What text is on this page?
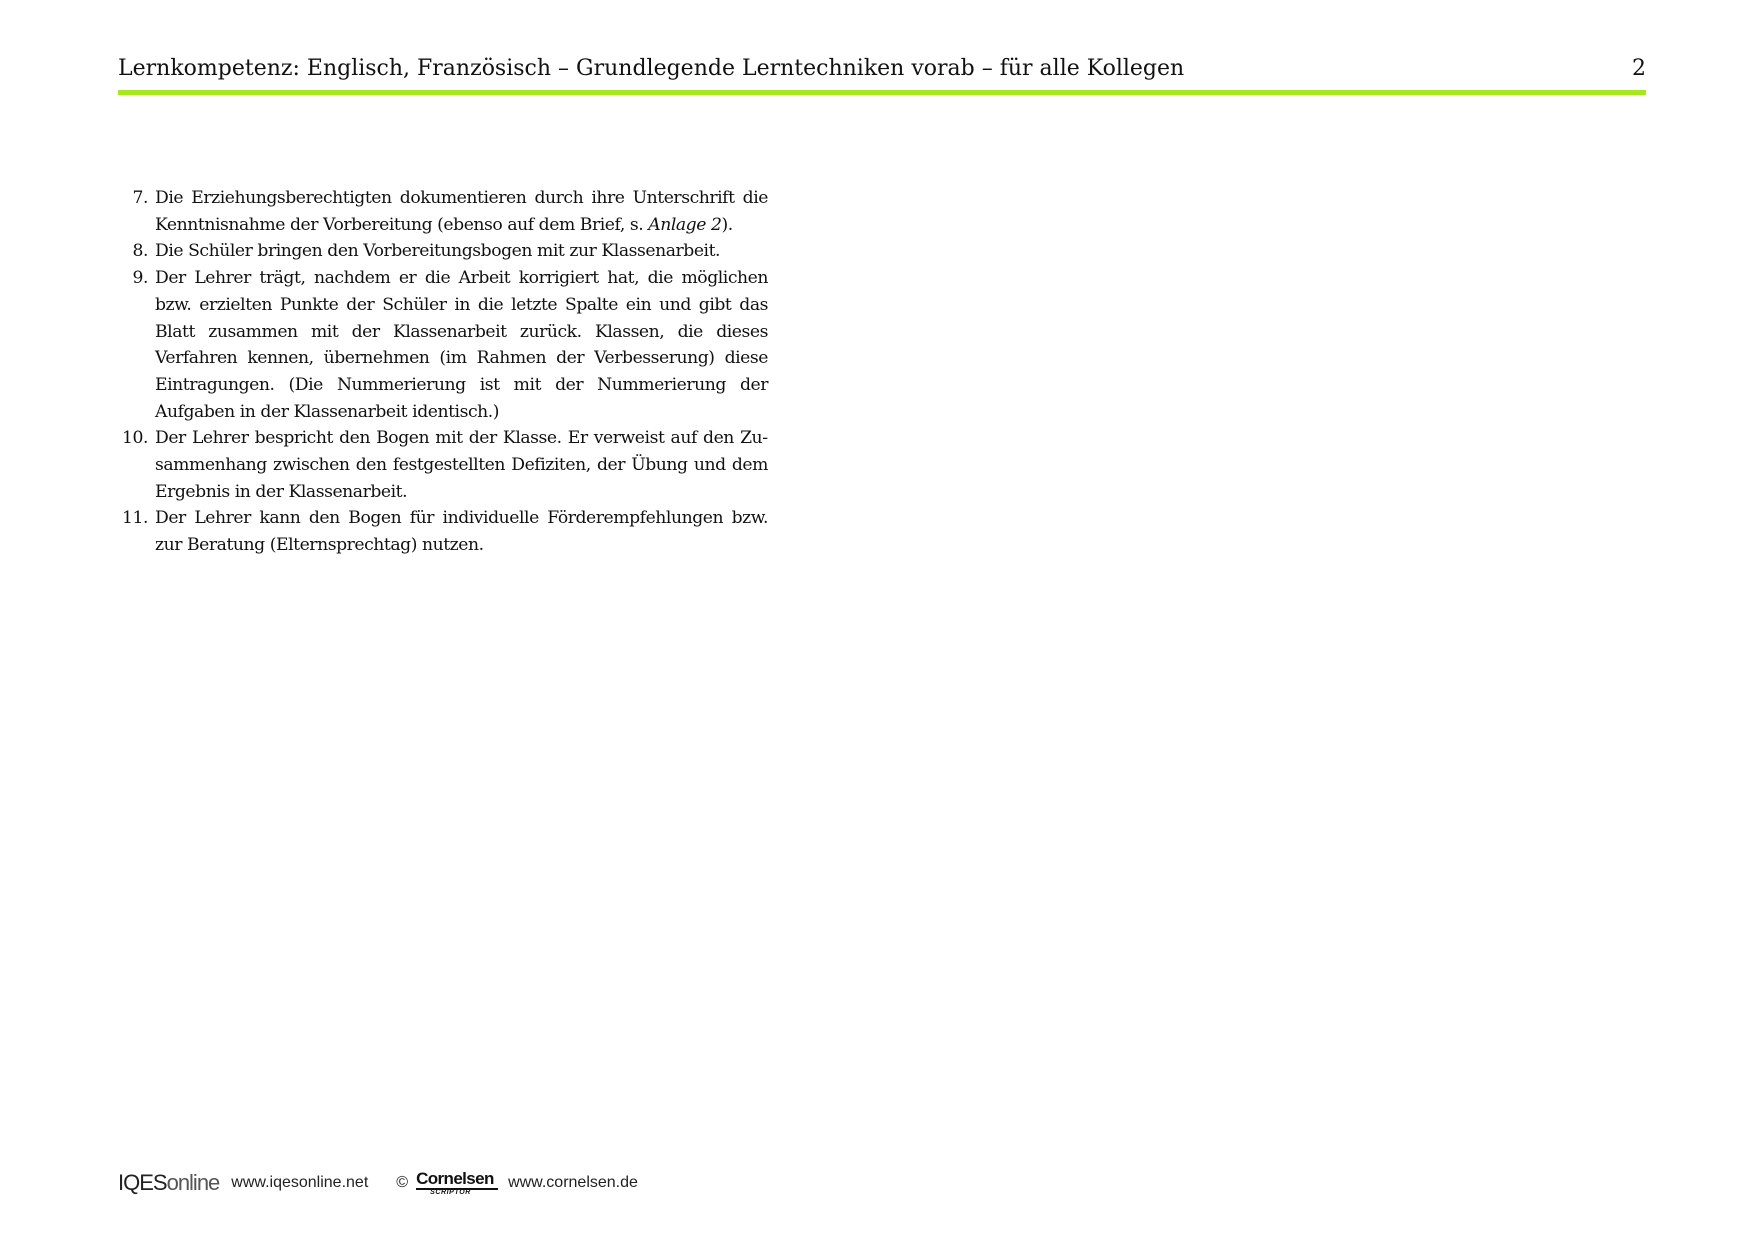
Lernkompetenz: Englisch, Französisch – Grundlegende Lerntechniken vorab – für alle Kollegen	2
7. Die Erziehungsberechtigten dokumentieren durch ihre Unterschrift die Kenntnisnahme der Vorbereitung (ebenso auf dem Brief, s. Anlage 2).
8. Die Schüler bringen den Vorbereitungsbogen mit zur Klassenarbeit.
9. Der Lehrer trägt, nachdem er die Arbeit korrigiert hat, die möglichen bzw. erzielten Punkte der Schüler in die letzte Spalte ein und gibt das Blatt zusammen mit der Klassenarbeit zurück. Klassen, die dieses Verfahren kennen, übernehmen (im Rahmen der Verbesserung) diese Eintragungen. (Die Nummerierung ist mit der Nummerierung der Aufgaben in der Klassenarbeit identisch.)
10. Der Lehrer bespricht den Bogen mit der Klasse. Er verweist auf den Zusammenhang zwischen den festgestellten Defiziten, der Übung und dem Ergebnis in der Klassenarbeit.
11. Der Lehrer kann den Bogen für individuelle Förderempfehlungen bzw. zur Beratung (Elternsprechtag) nutzen.
IQESonline www.iqesonline.net © Cornelsen
SCRIPTOR
www.cornelsen.de
